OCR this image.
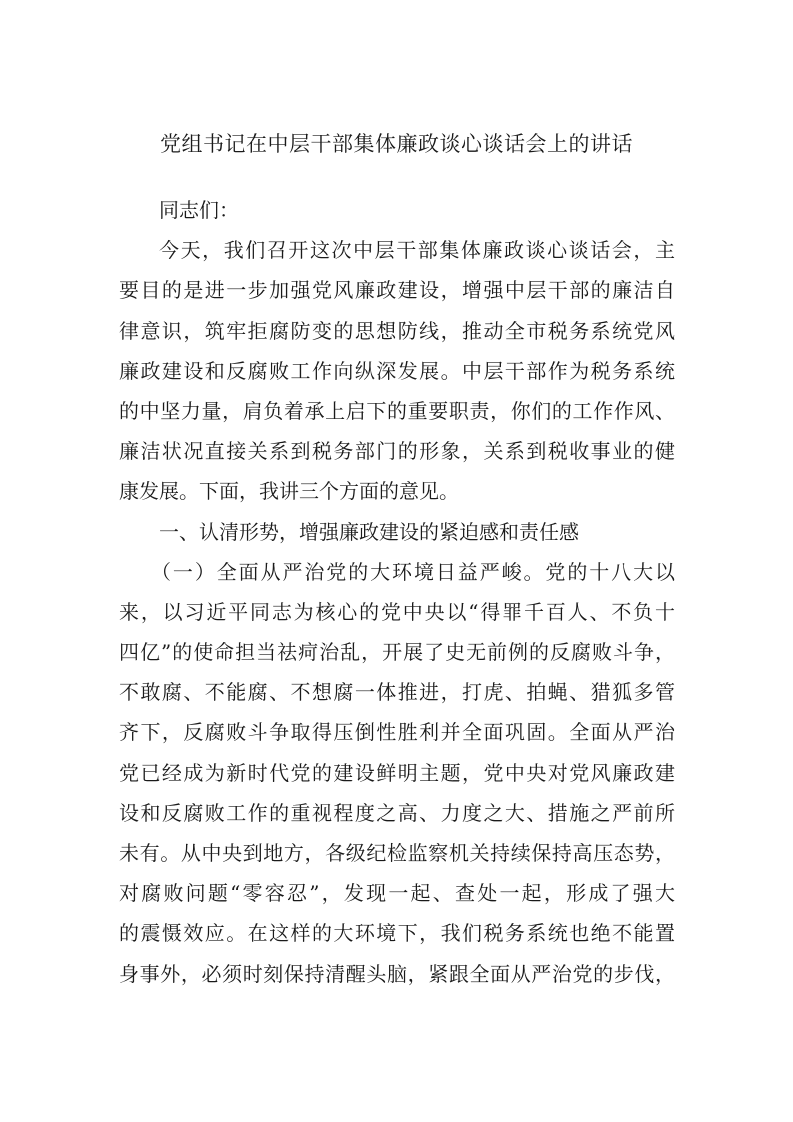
党组书记在中层干部集体廉政谈心谈话会上的讲话
同志们：
今天，我们召开这次中层干部集体廉政谈心谈话会，主
要目的是进一步加强党风廉政建设，增强中层干部的廉洁自
律意识，筑牢拒腐防变的思想防线，推动全市税务系统党风
廉政建设和反腐败工作向纵深发展。中层干部作为税务系统
的中坚力量，肩负着承上启下的重要职责，你们的工作作风、
廉洁状况直接关系到税务部门的形象，关系到税收事业的健
康发展。下面，我讲三个方面的意见。
一、认清形势，增强廉政建设的紧迫感和责任感
（一）全面从严治党的大环境日益严峻。党的十八大以
来，以习近平同志为核心的党中央以“得罪千百人、不负十
四亿”的使命担当祛疴治乱，开展了史无前例的反腐败斗争，
不敢腐、不能腐、不想腐一体推进，打虎、拍蝇、猎狐多管
齐下，反腐败斗争取得压倒性胜利并全面巩固。全面从严治
党已经成为新时代党的建设鲜明主题，党中央对党风廉政建
设和反腐败工作的重视程度之高、力度之大、措施之严前所
未有。从中央到地方，各级纪检监察机关持续保持高压态势，
对腐败问题“零容忍”，发现一起、查处一起，形成了强大
的震慑效应。在这样的大环境下，我们税务系统也绝不能置
身事外，必须时刻保持清醒头脑，紧跟全面从严治党的步伐，
